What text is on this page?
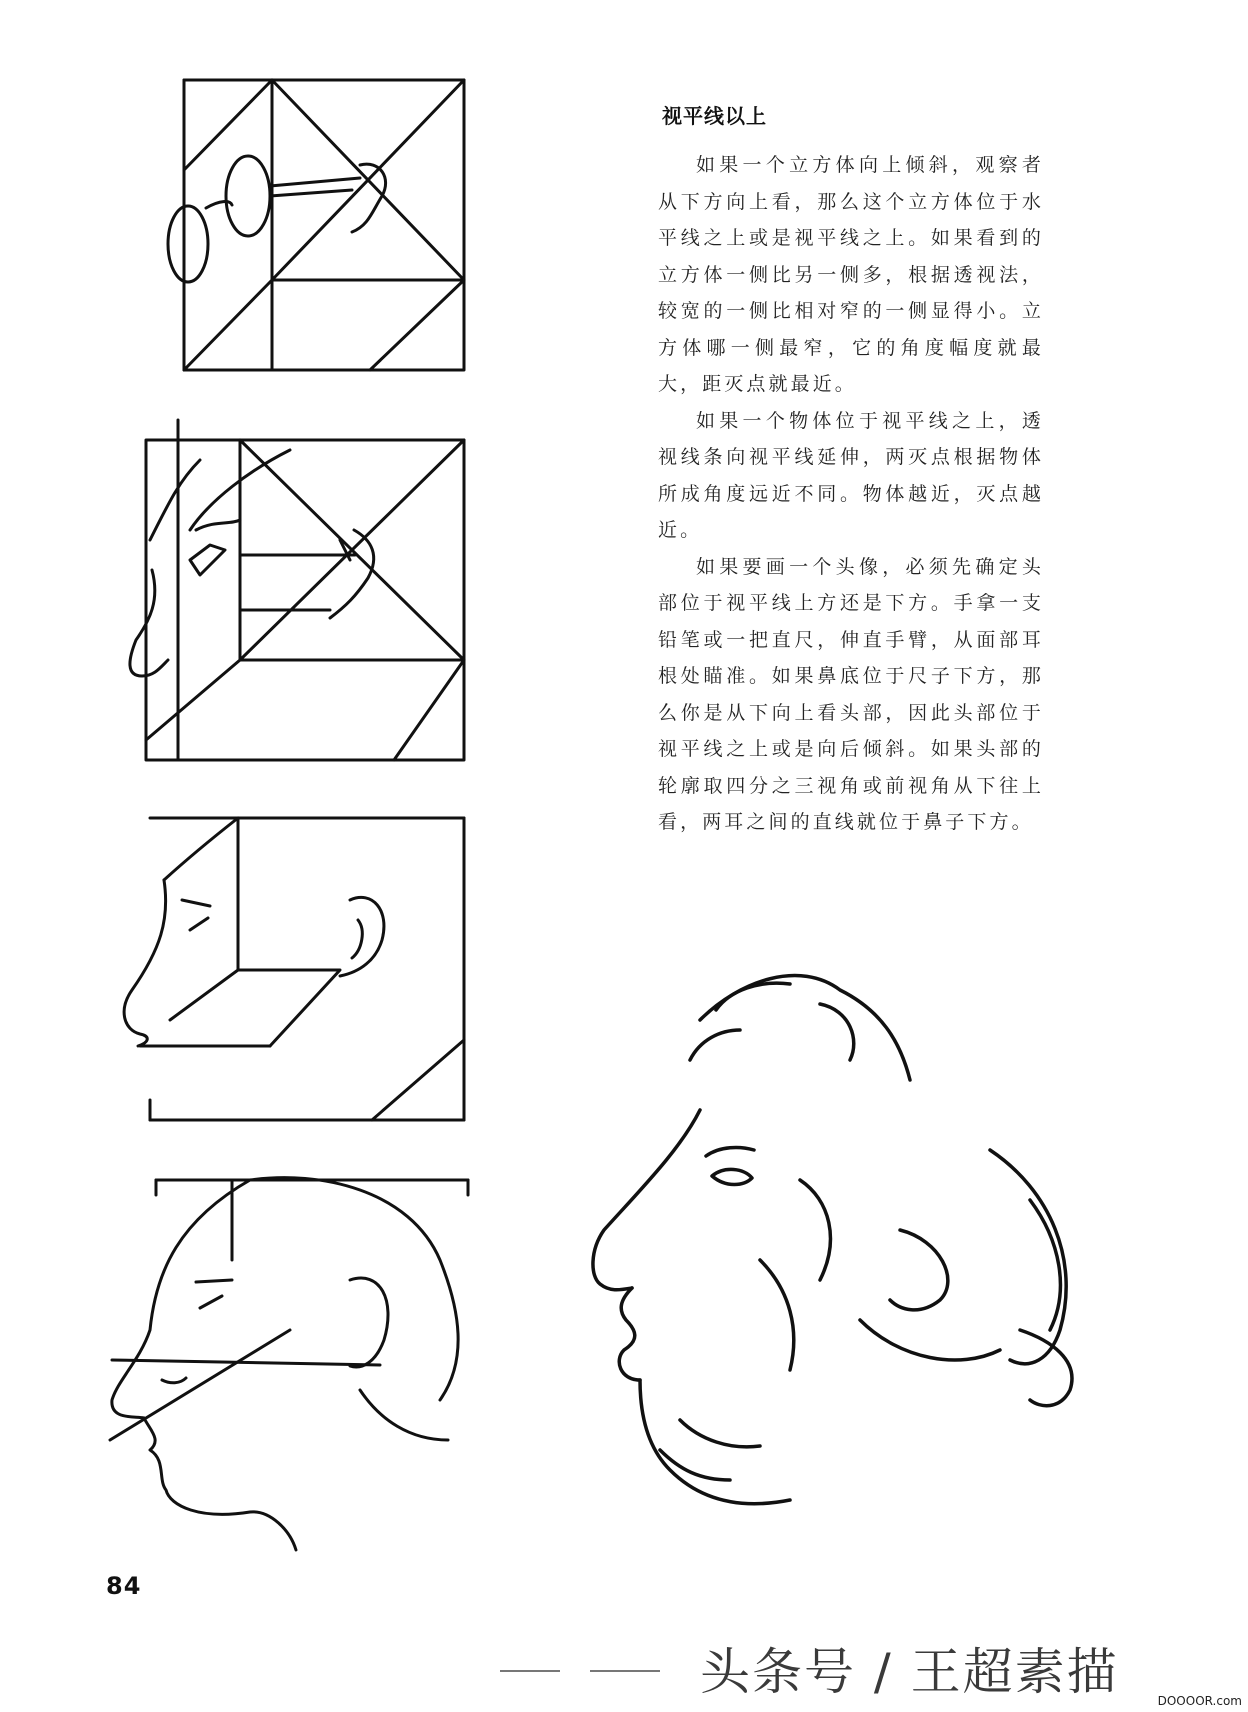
视平线以上

如果一个立方体向上倾斜，观察者从下方向上看，那么这个立方体位于水平线之上或是视平线之上。如果看到的立方体一侧比另一侧多，根据透视法，较宽的一侧比相对窄的一侧显得小。立方体哪一侧最窄，它的角度幅度就最大，距灭点就最近。

如果一个物体位于视平线之上，透视线条向视平线延伸，两灭点根据物体所成角度远近不同。物体越近，灭点越近。

如果要画一个头像，必须先确定头部位于视平线上方还是下方。手拿一支铅笔或一把直尺，伸直手臂，从面部耳根处瞄准。如果鼻底位于尺子下方，那么你是从下向上看头部，因此头部位于视平线之上或是向后倾斜。如果头部的轮廓取四分之三视角或前视角从下往上看，两耳之间的直线就位于鼻子下方。

84
头条号 / 王超素描	DOOOOR.com
